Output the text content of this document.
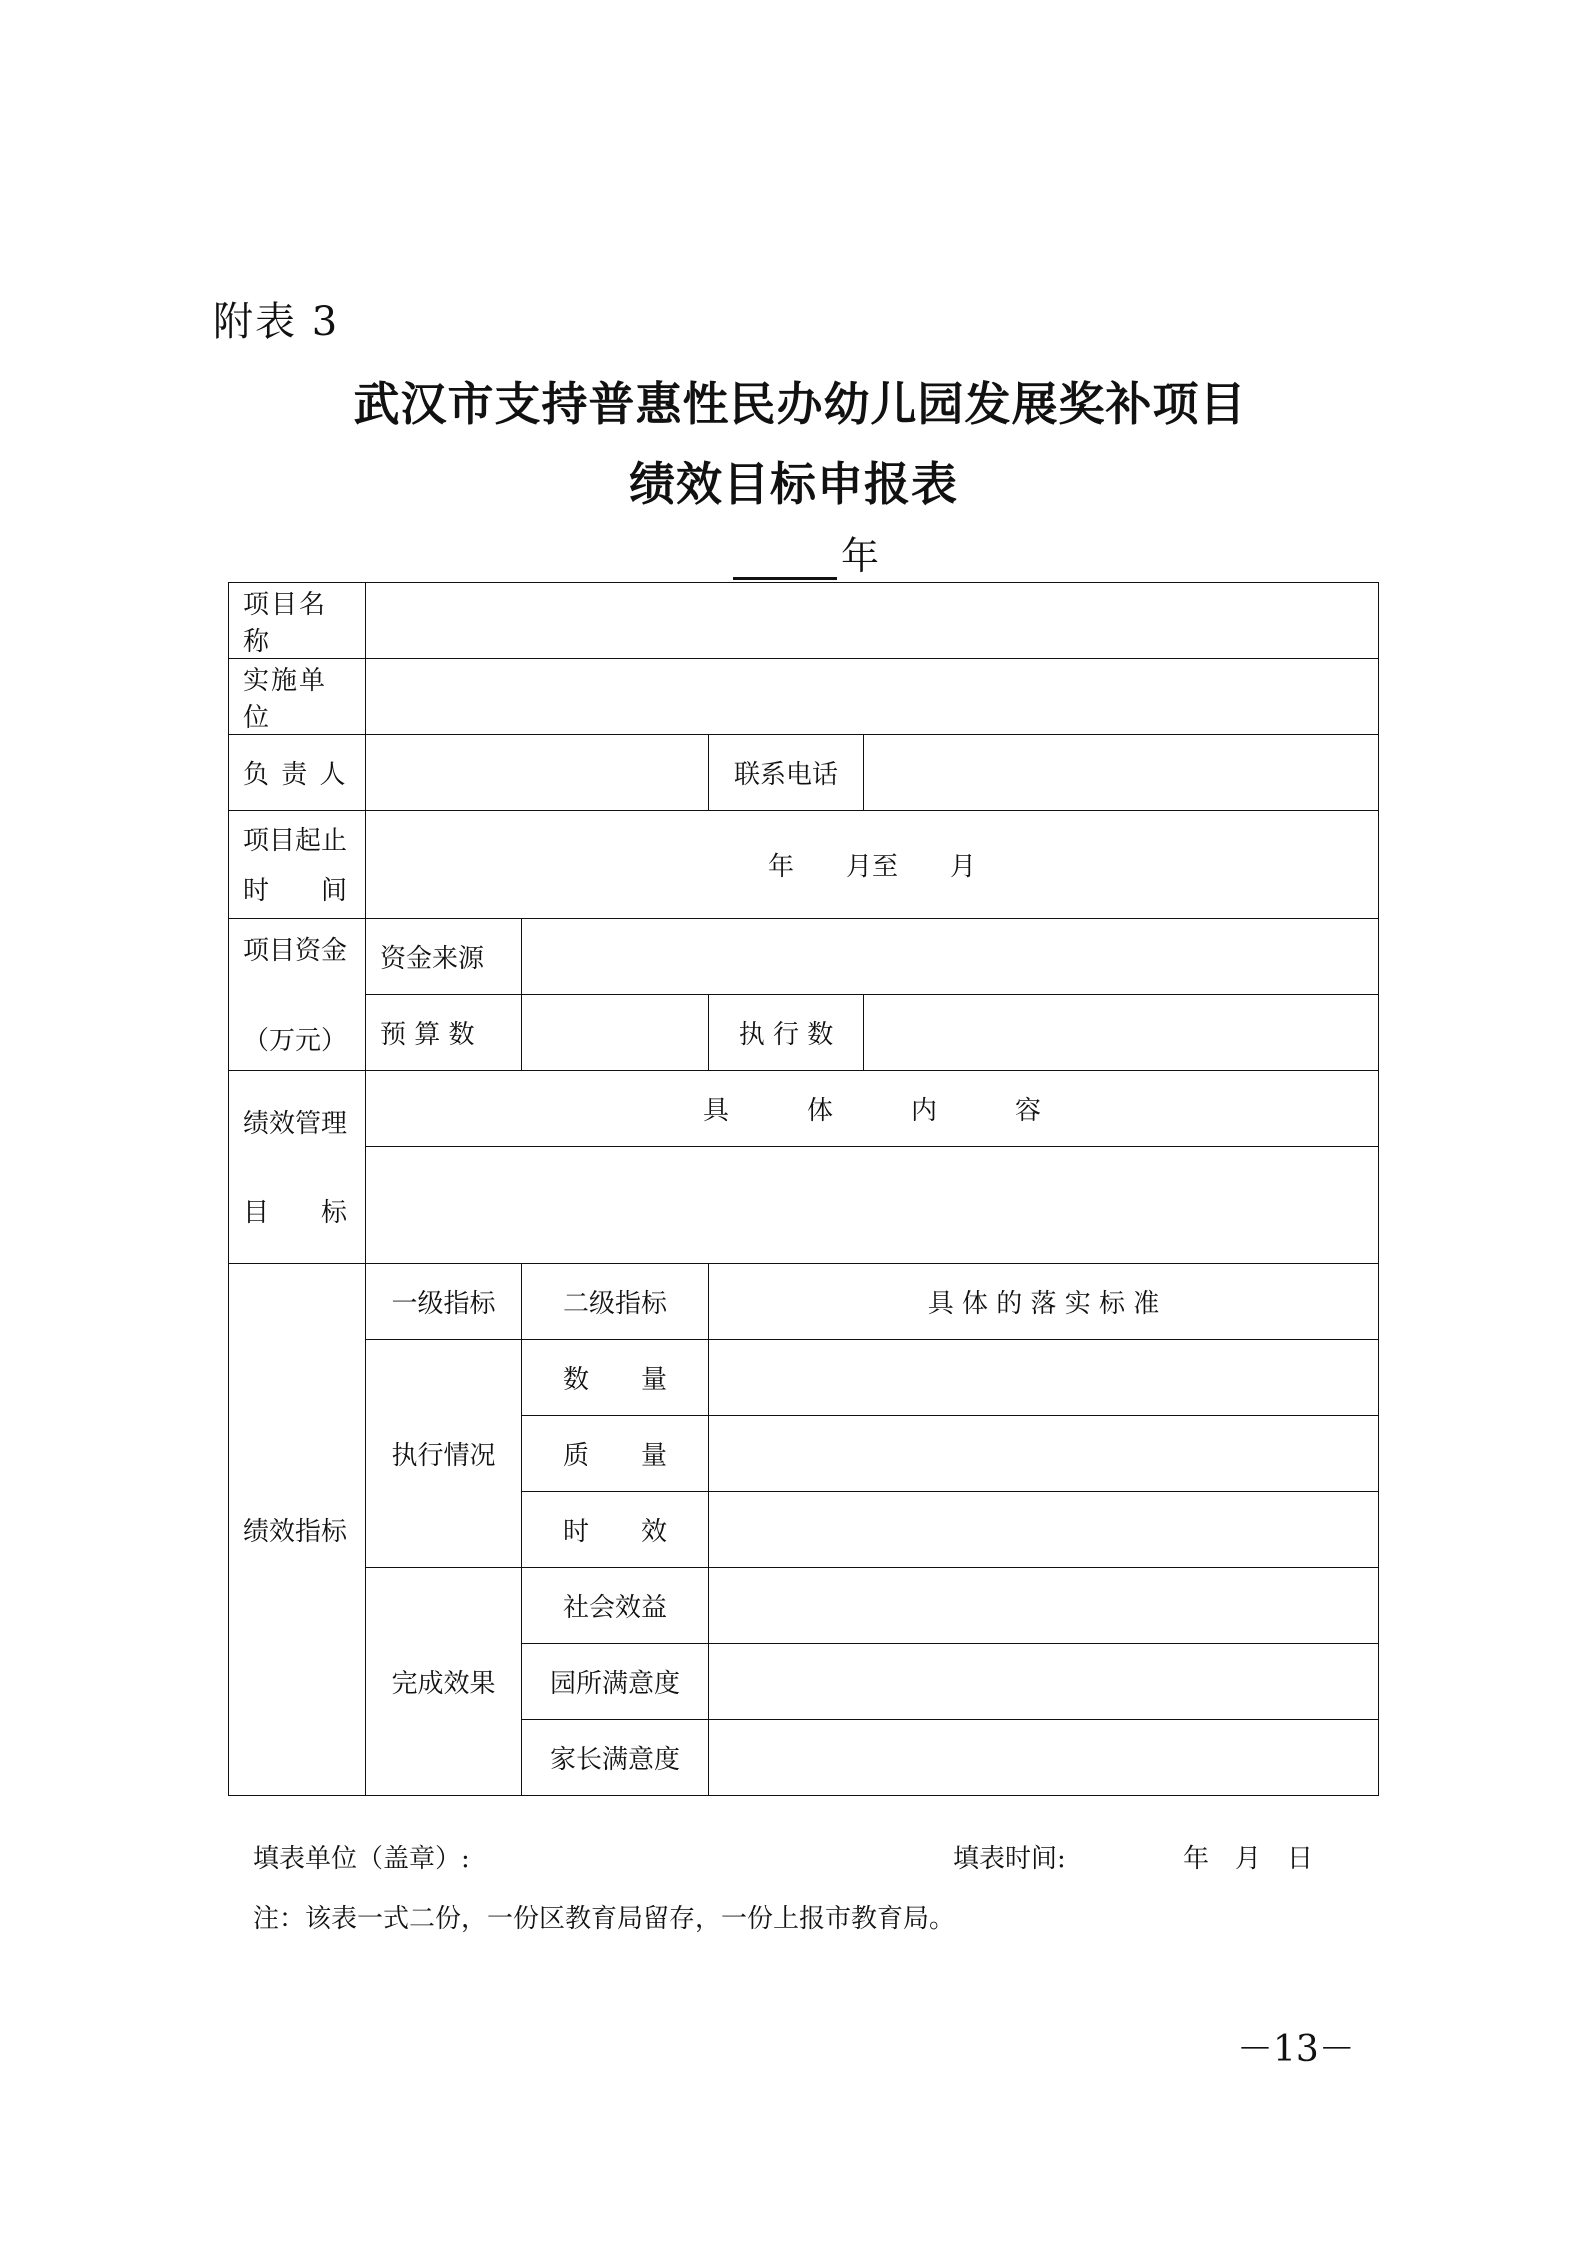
附表 3
武汉市支持普惠性民办幼儿园发展奖补项目
绩效目标申报表
年
项目名称				
实施单位				
负 责 人			联系电话	

项目起止
时　　间	年　　月至　　月			

项目资金
（万元）	资金来源			
	预 算 数		执 行 数	

绩效管理
目　　标	具　　　体　　　内　　　容			

绩效指标	一级指标	二级指标	具 体 的 落 实 标 准	
	执行情况	数　　量		
		质　　量		
		时　　效		
	完成效果	社会效益		
		园所满意度		
		家长满意度		
填表单位（盖章）:	填表时间:	年　月　日
注：该表一式二份，一份区教育局留存，一份上报市教育局。
－13－
